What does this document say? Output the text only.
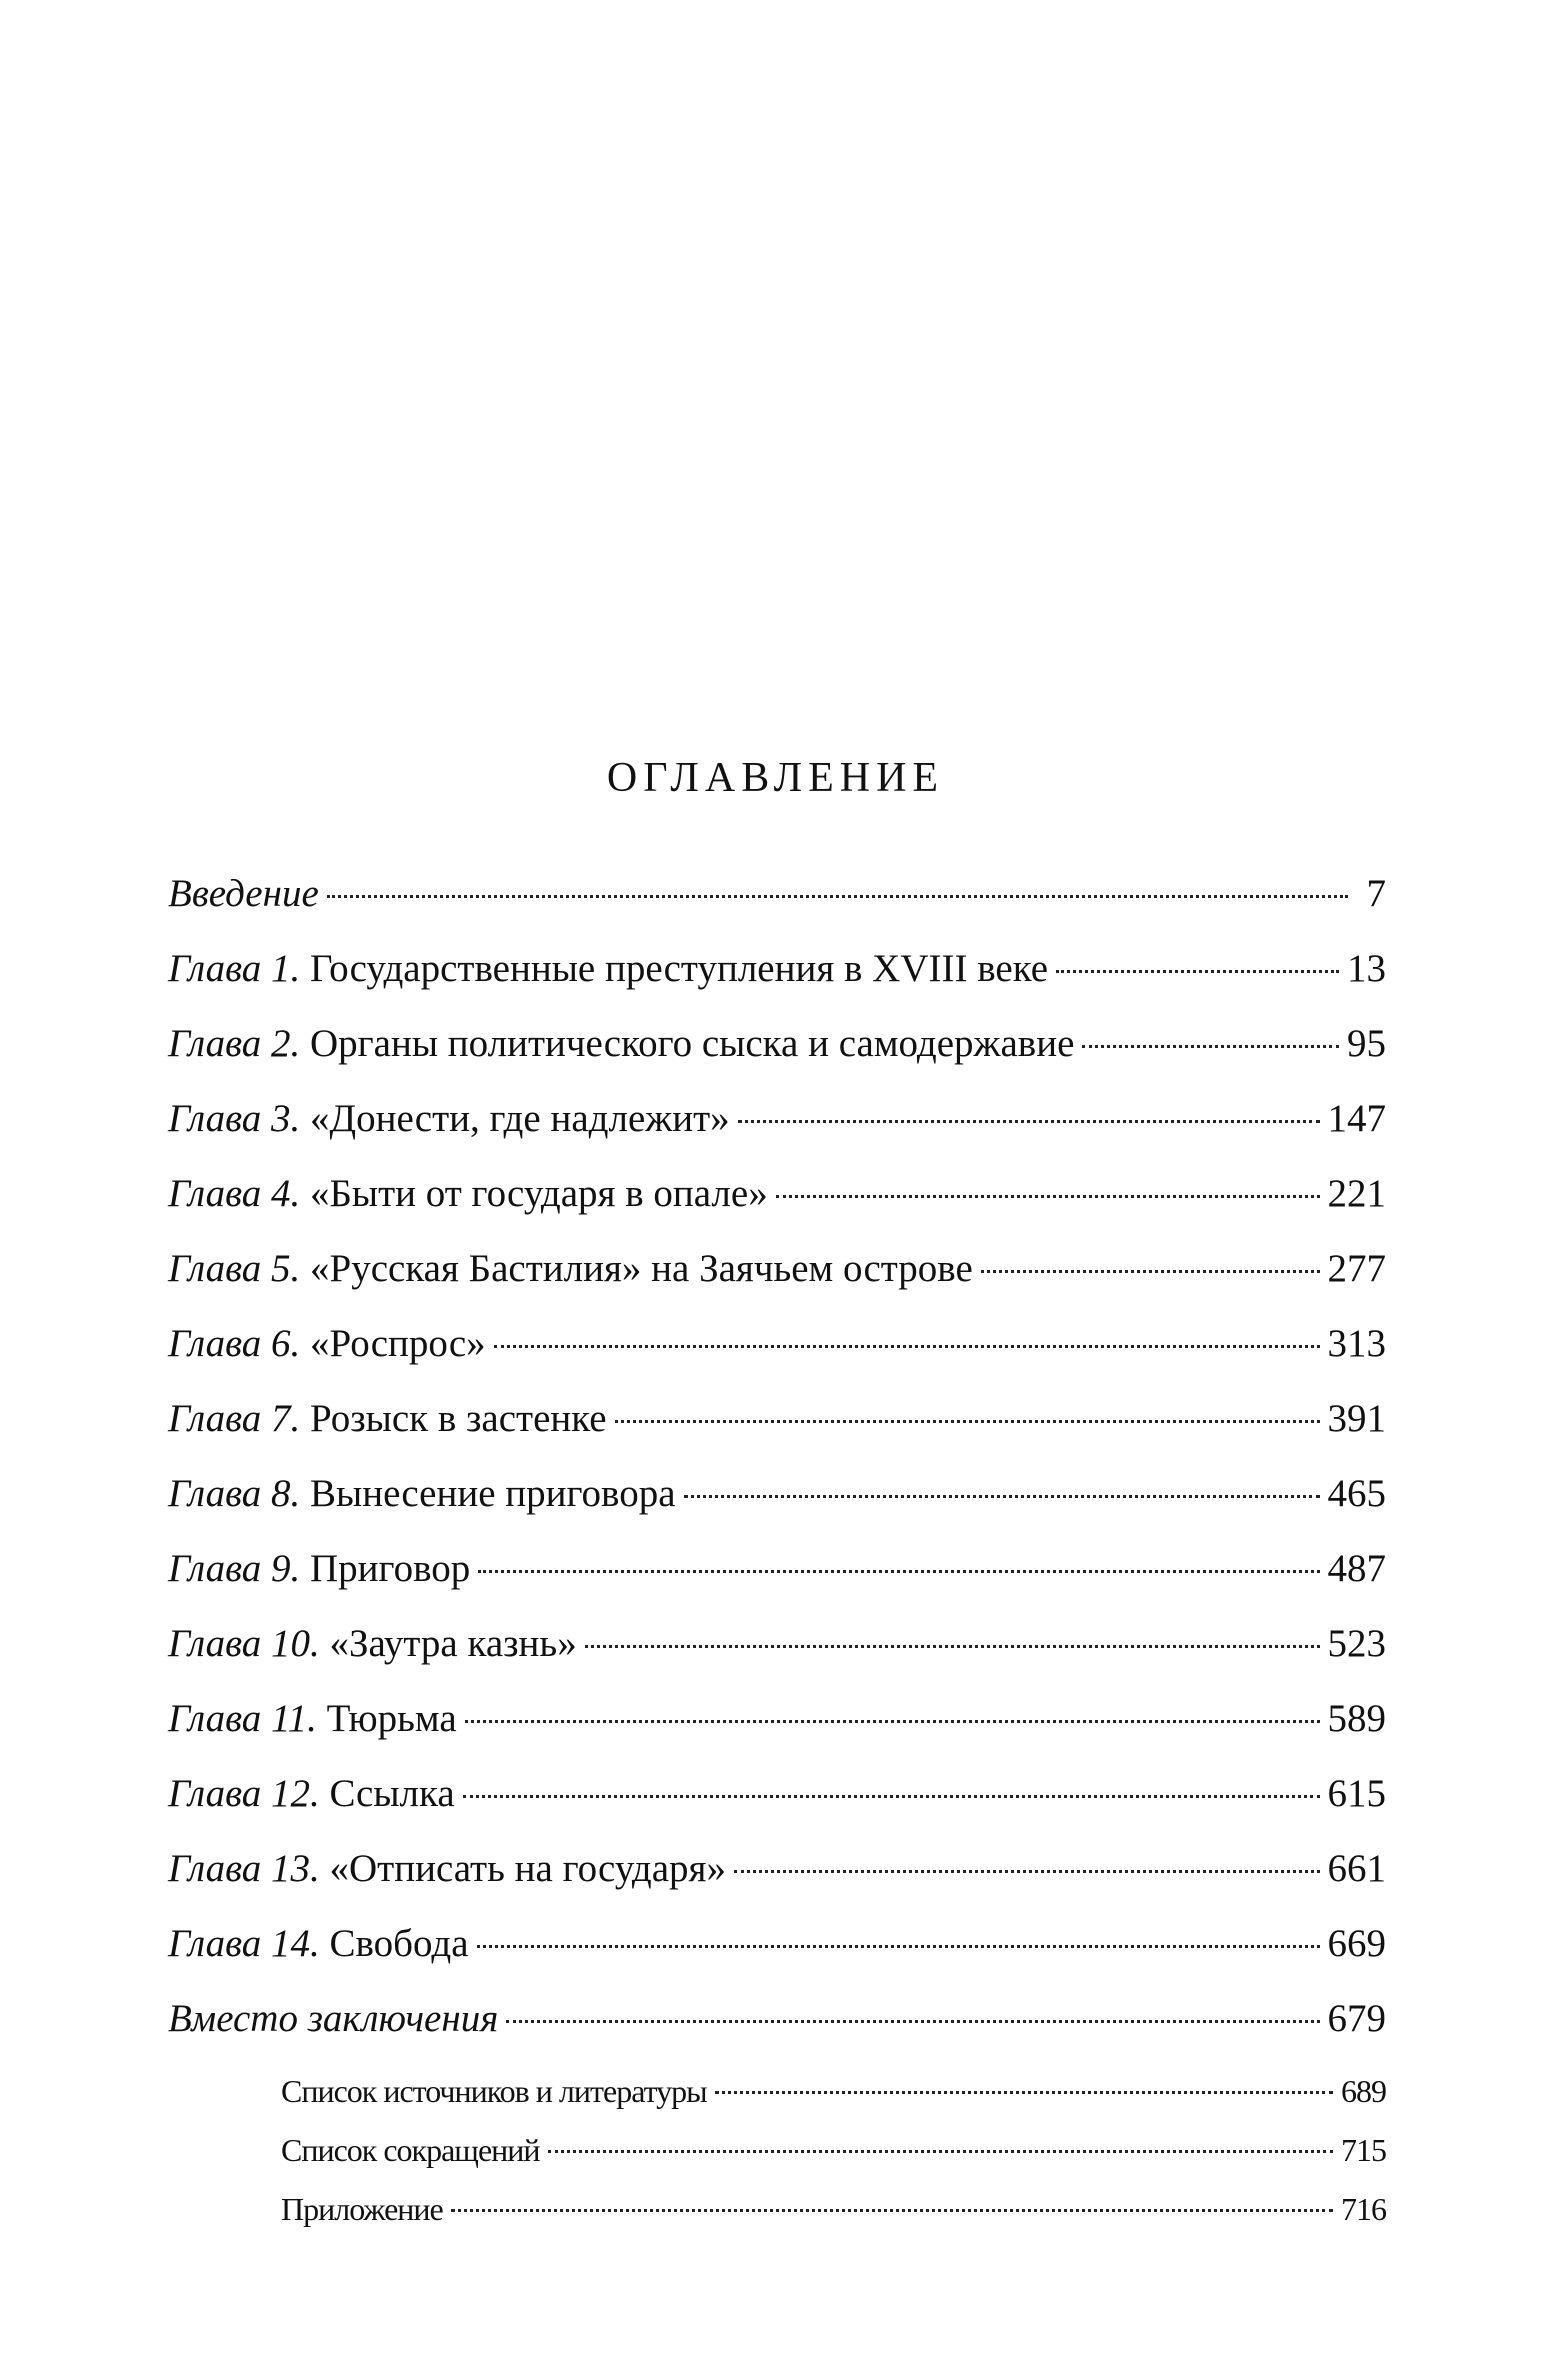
ОГЛАВЛЕНИЕ
Введение	7
Глава 1. Государственные преступления в XVIII веке	13
Глава 2. Органы политического сыска и самодержавие	95
Глава 3. «Донести, где надлежит»	147
Глава 4. «Быти от государя в опале»	221
Глава 5. «Русская Бастилия» на Заячьем острове	277
Глава 6. «Роспрос»	313
Глава 7. Розыск в застенке	391
Глава 8. Вынесение приговора	465
Глава 9. Приговор	487
Глава 10. «Заутра казнь»	523
Глава 11. Тюрьма	589
Глава 12. Ссылка	615
Глава 13. «Отписать на государя»	661
Глава 14. Свобода	669
Вместо заключения	679
Список источников и литературы	689
Список сокращений	715
Приложение	716
